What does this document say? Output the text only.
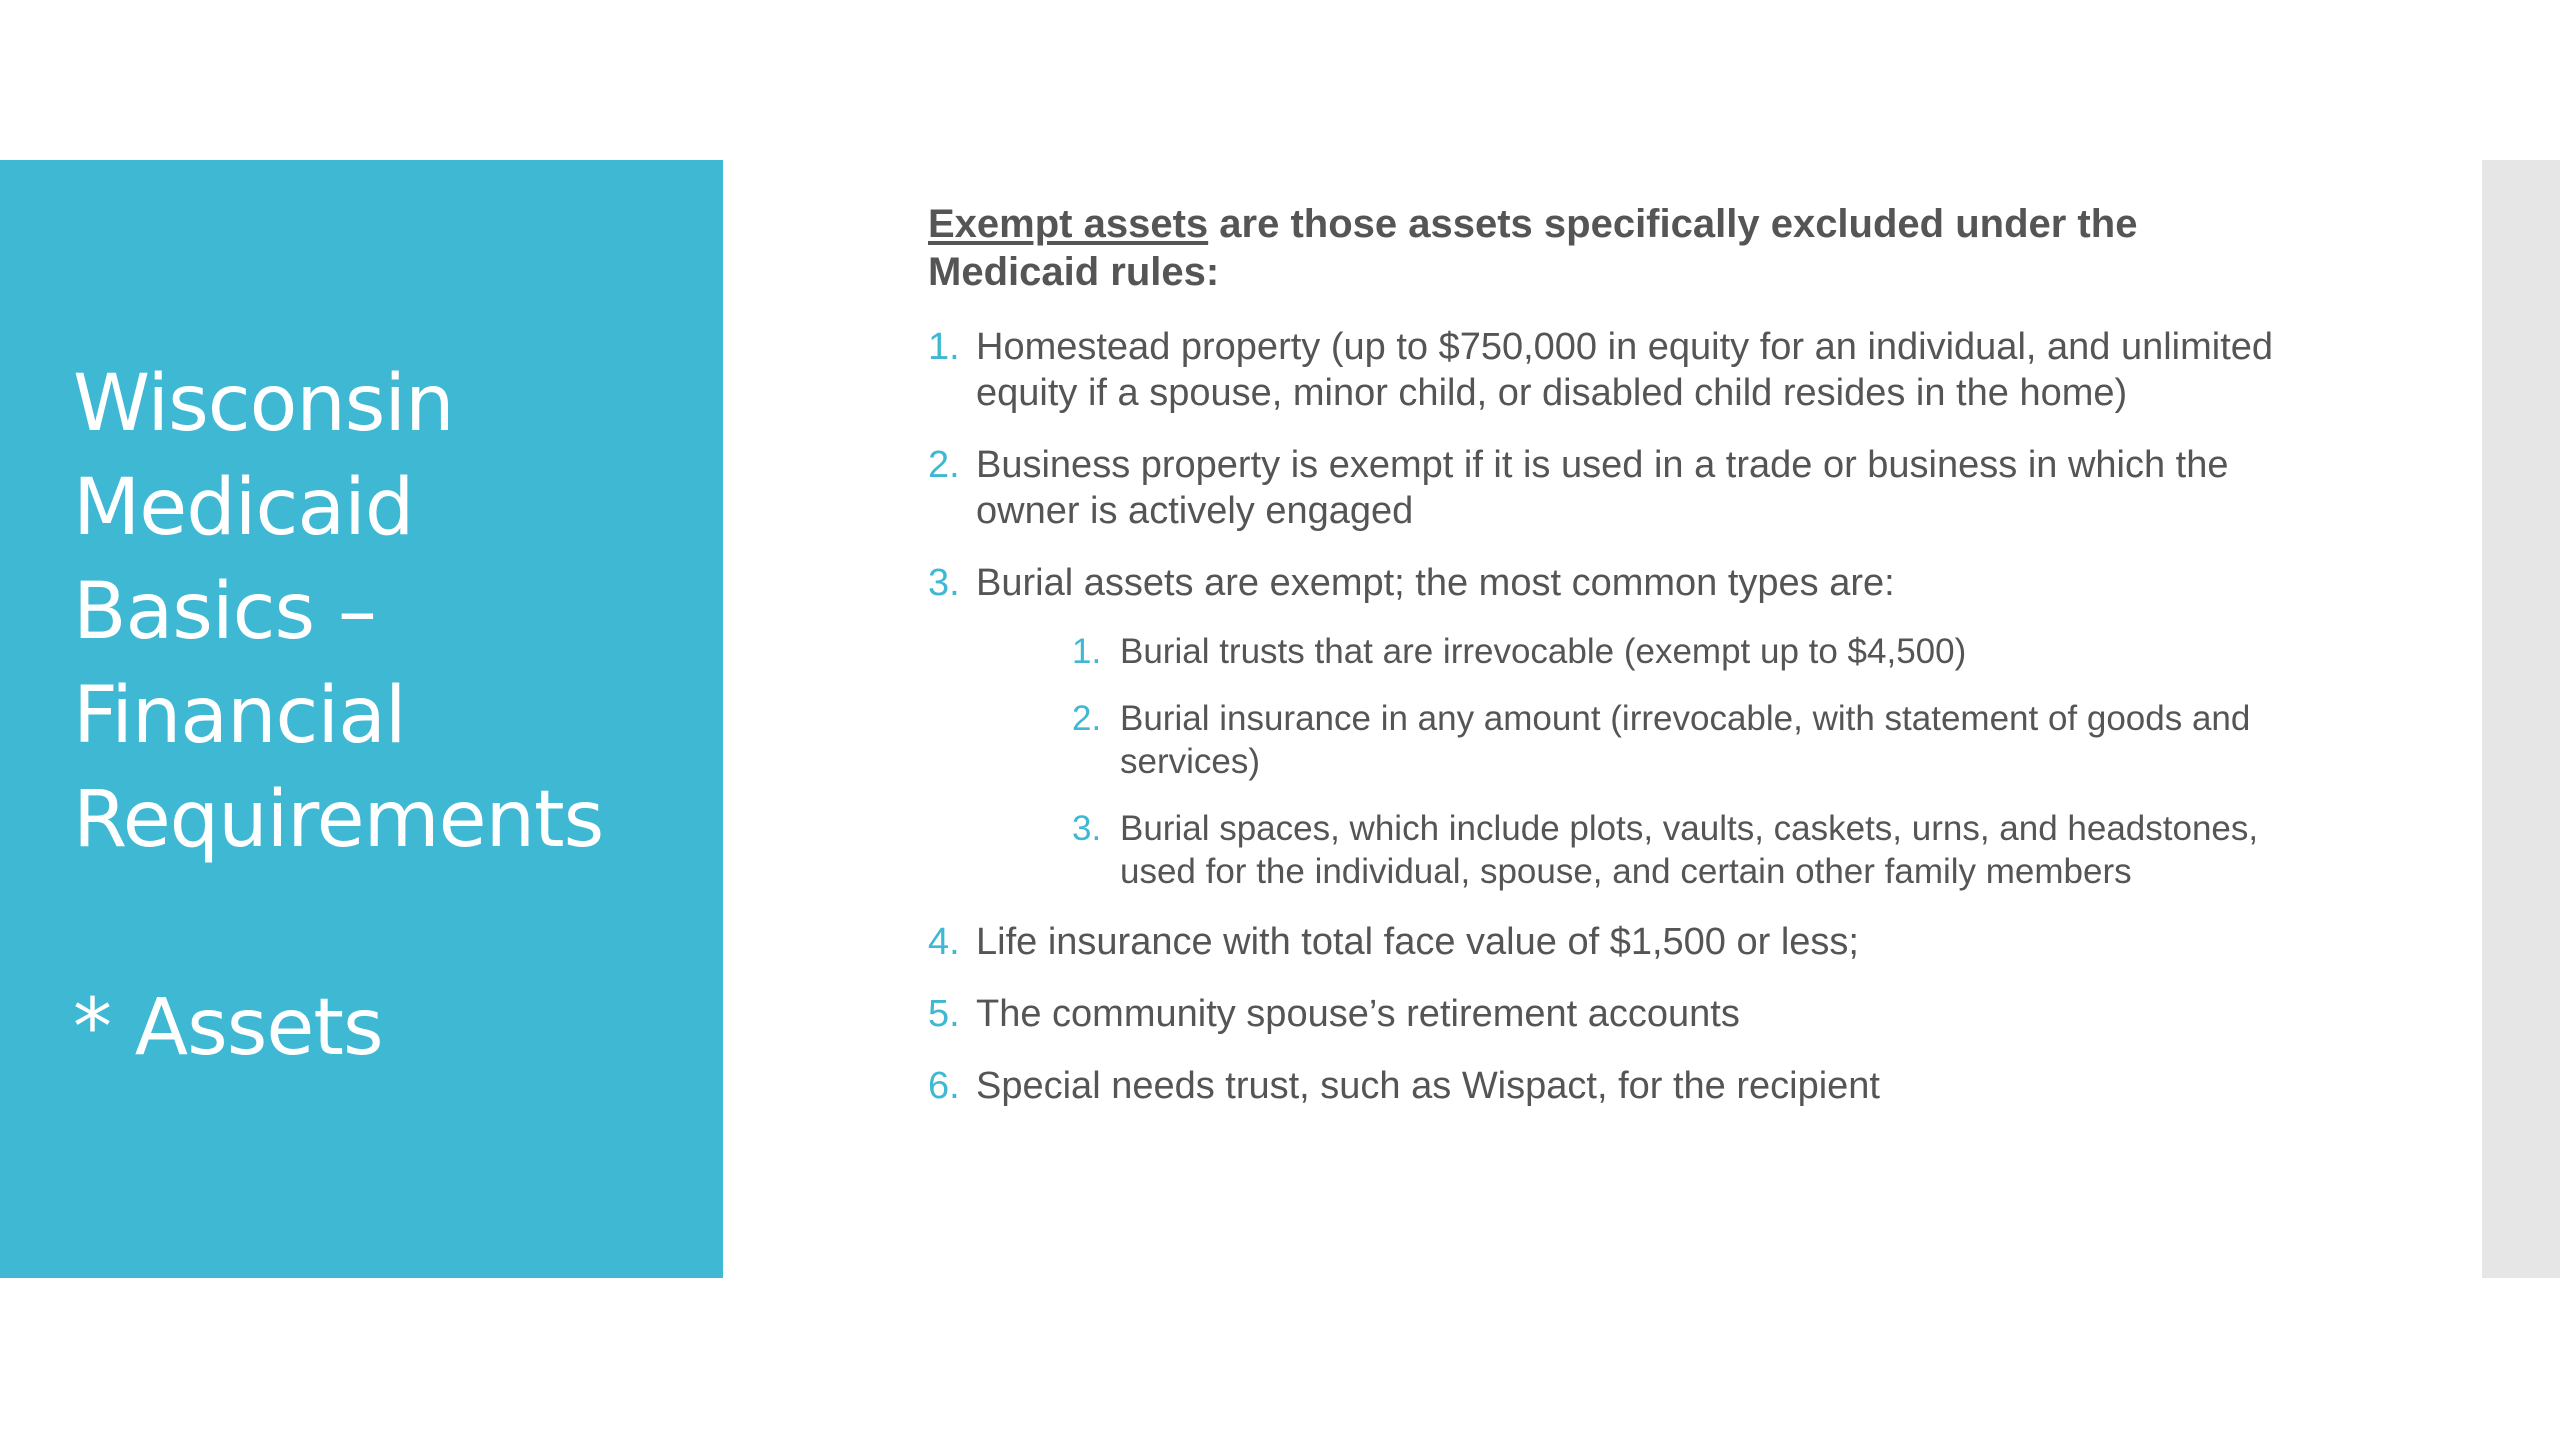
Wisconsin
Medicaid
Basics –
Financial
Requirements
* Assets

Exempt assets are those assets specifically excluded under the Medicaid rules:

1. Homestead property (up to $750,000 in equity for an individual, and unlimited equity if a spouse, minor child, or disabled child resides in the home)
2. Business property is exempt if it is used in a trade or business in which the owner is actively engaged
3. Burial assets are exempt; the most common types are:
1. Burial trusts that are irrevocable (exempt up to $4,500)
2. Burial insurance in any amount (irrevocable, with statement of goods and services)
3. Burial spaces, which include plots, vaults, caskets, urns, and headstones, used for the individual, spouse, and certain other family members
4. Life insurance with total face value of $1,500 or less;
5. The community spouse’s retirement accounts
6. Special needs trust, such as Wispact, for the recipient
